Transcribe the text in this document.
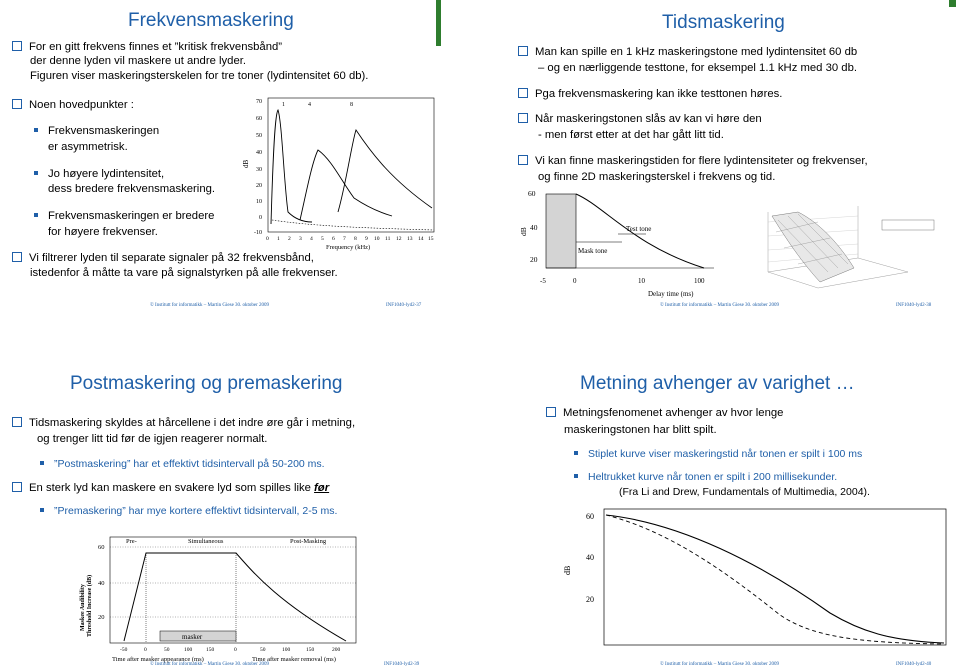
Frekvensmaskering
For en gitt frekvens finnes et ”kritisk frekvensbånd”
der denne lyden vil maskere ut andre lyder.
Figuren viser maskeringsterskelen for tre toner (lydintensitet 60 db).
Noen hovedpunkter :
Frekvensmaskeringen
er asymmetrisk.
Jo høyere lydintensitet,
dess bredere frekvensmaskering.
Frekvensmaskeringen er bredere
for høyere frekvenser.
Vi filtrerer lyden til separate signaler på 32 frekvensbånd,
istedenfor å måtte ta vare på signalstyrken på alle frekvenser.
dB
70
60
50
40
30
20
10
0
-10
1	4	8
0 1 2 3 4 5 6 7 8 9 10 11 12 13 14 15
Frequency (kHz)
© Institutt for informatikk – Martin Giese 30. oktober 2009	INF1040-lyd2-37
Tidsmaskering
Man kan spille en 1 kHz maskeringstone med lydintensitet 60 db
– og en nærliggende testtone, for eksempel 1.1 kHz med 30 db.
Pga frekvensmaskering kan ikke testtonen høres.
Når maskeringstonen slås av kan vi høre den
- men først etter at det har gått litt tid.
Vi kan finne maskeringstiden for flere lydintensiteter og frekvenser,
og finne 2D maskeringsterskel i frekvens og tid.
60
dB 40
20
Test tone
Mask tone
-5	0	10	100
Delay time (ms)
© Institutt for informatikk – Martin Giese 30. oktober 2009	INF1040-lyd2-38
Postmaskering og premaskering
Tidsmaskering skyldes at hårcellene i det indre øre går i metning,
og trenger litt tid før de igjen reagerer normalt.
”Postmaskering” har et effektivt tidsintervall på 50-200 ms.
En sterk lyd kan maskere en svakere lyd som spilles like før
”Premaskering” har mye kortere effektivt tidsintervall, 2-5 ms.
Maskee Audibility Threshold Increase (dB)
60
40
20
Pre-	Simultaneous	Post-Masking
masker
-50	0	50	100	150	0	50	100	150	200
Time after masker appearance (ms)	Time after masker removal (ms)
© Institutt for informatikk – Martin Giese 30. oktober 2009	INF1040-lyd2-39
Metning avhenger av varighet …
Metningsfenomenet avhenger av hvor lenge
maskeringstonen har blitt spilt.
Stiplet kurve viser maskeringstid når tonen er spilt i 100 ms
Heltrukket kurve når tonen er spilt i 200 millisekunder.
(Fra Li and Drew, Fundamentals of Multimedia, 2004).
60
40
dB
20
© Institutt for informatikk – Martin Giese 30. oktober 2009	INF1040-lyd2-40
